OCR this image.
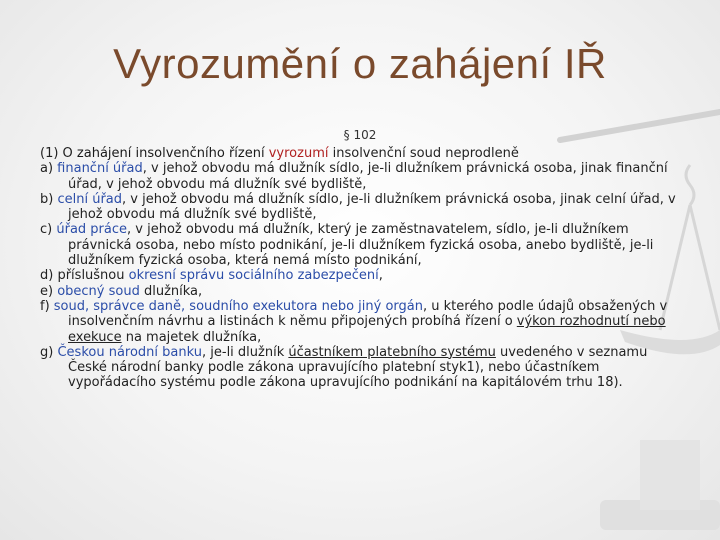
Vyrozumění o zahájení IŘ
§ 102

(1) O zahájení insolvenčního řízení vyrozumí insolvenční soud neprodleně

a) finanční úřad, v jehož obvodu má dlužník sídlo, je-li dlužníkem právnická osoba, jinak finanční úřad, v jehož obvodu má dlužník své bydliště,

b) celní úřad, v jehož obvodu má dlužník sídlo, je-li dlužníkem právnická osoba, jinak celní úřad, v jehož obvodu má dlužník své bydliště,

c) úřad práce, v jehož obvodu má dlužník, který je zaměstnavatelem, sídlo, je-li dlužníkem právnická osoba, nebo místo podnikání, je-li dlužníkem fyzická osoba, anebo bydliště, je-li dlužníkem fyzická osoba, která nemá místo podnikání,

d) příslušnou okresní správu sociálního zabezpečení,

e) obecný soud dlužníka,

f) soud, správce daně, soudního exekutora nebo jiný orgán, u kterého podle údajů obsažených v insolvenčním návrhu a listinách k němu připojených probíhá řízení o výkon rozhodnutí nebo exekuce na majetek dlužníka,

g) Českou národní banku, je-li dlužník účastníkem platebního systému uvedeného v seznamu České národní banky podle zákona upravujícího platební styk1), nebo účastníkem vypořádacího systému podle zákona upravujícího podnikání na kapitálovém trhu 18).
